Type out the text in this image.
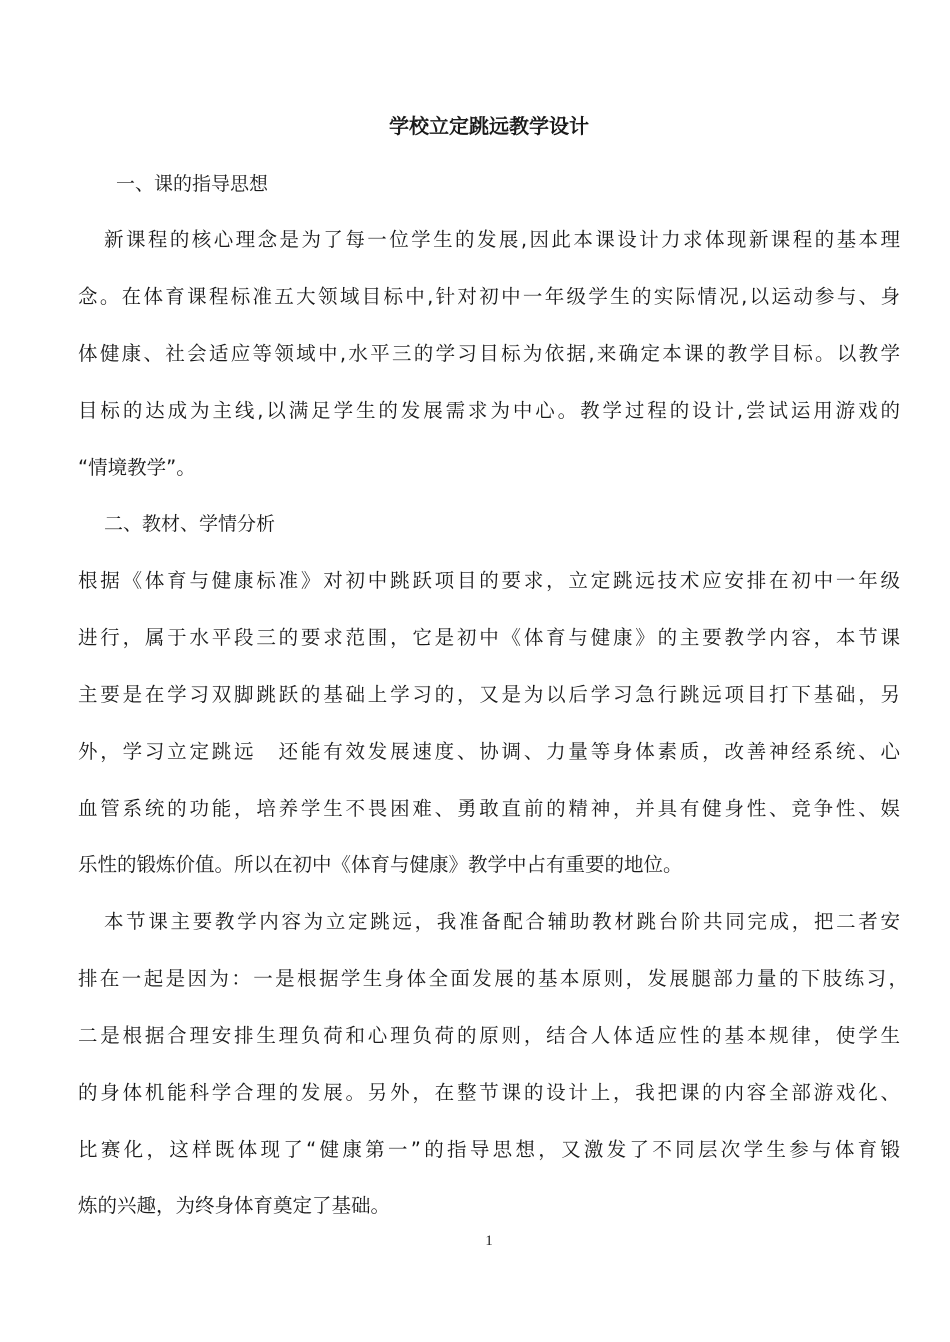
学校立定跳远教学设计
一、课的指导思想
新课程的核心理念是为了每一位学生的发展,因此本课设计力求体现新课程的基本理
念。在体育课程标准五大领域目标中,针对初中一年级学生的实际情况,以运动参与、身
体健康、社会适应等领域中,水平三的学习目标为依据,来确定本课的教学目标。以教学
目标的达成为主线,以满足学生的发展需求为中心。教学过程的设计,尝试运用游戏的
“情境教学”。
二、教材、学情分析
根据《体育与健康标准》对初中跳跃项目的要求，立定跳远技术应安排在初中一年级
进行，属于水平段三的要求范围，它是初中《体育与健康》的主要教学内容，本节课
主要是在学习双脚跳跃的基础上学习的，又是为以后学习急行跳远项目打下基础，另
外，学习立定跳远　还能有效发展速度、协调、力量等身体素质，改善神经系统、心
血管系统的功能，培养学生不畏困难、勇敢直前的精神，并具有健身性、竞争性、娱
乐性的锻炼价值。所以在初中《体育与健康》教学中占有重要的地位。
本节课主要教学内容为立定跳远，我准备配合辅助教材跳台阶共同完成，把二者安
排在一起是因为：一是根据学生身体全面发展的基本原则，发展腿部力量的下肢练习，
二是根据合理安排生理负荷和心理负荷的原则，结合人体适应性的基本规律，使学生
的身体机能科学合理的发展。另外，在整节课的设计上，我把课的内容全部游戏化、
比赛化，这样既体现了“健康第一”的指导思想，又激发了不同层次学生参与体育锻
炼的兴趣，为终身体育奠定了基础。
1
